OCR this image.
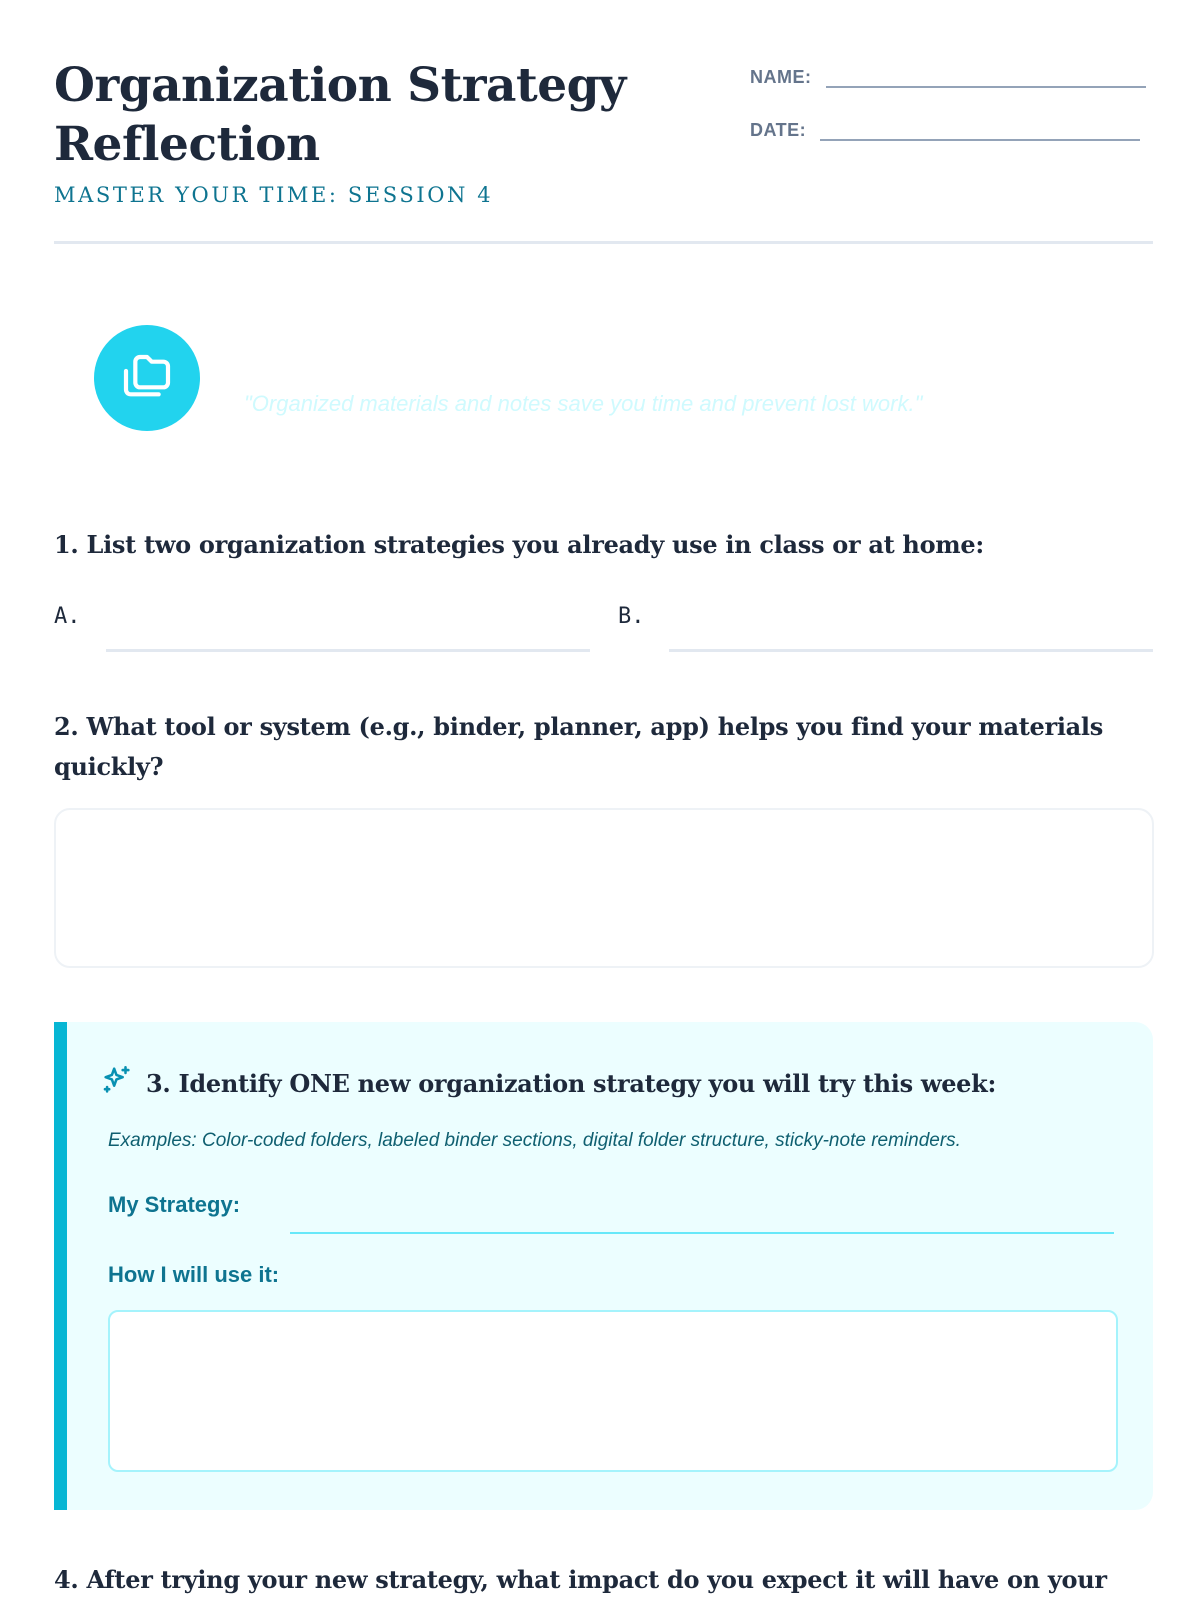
Organization Strategy Reflection
MASTER YOUR TIME: SESSION 4
NAME:
DATE:
"Organized materials and notes save you time and prevent lost work."

1. List two organization strategies you already use in class or at home:

A.	B.

2. What tool or system (e.g., binder, planner, app) helps you find your materials quickly?

3. Identify ONE new organization strategy you will try this week:
Examples: Color-coded folders, labeled binder sections, digital folder structure, sticky-note reminders.
My Strategy:
How I will use it:

4. After trying your new strategy, what impact do you expect it will have on your
